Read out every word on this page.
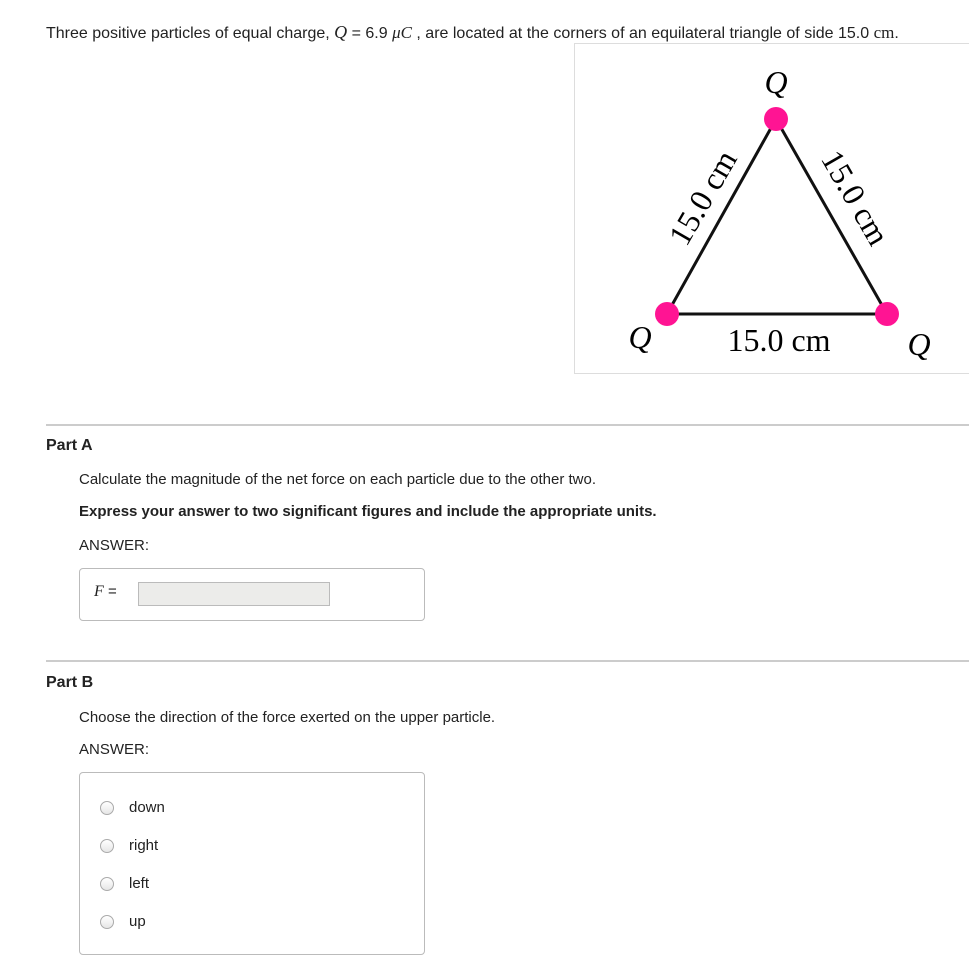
Three positive particles of equal charge, Q = 6.9 μC , are located at the corners of an equilateral triangle of side 15.0 cm.
Q
Q	Q
15.0 cm
15.0 cm 15.0 cm
Part A
Calculate the magnitude of the net force on each particle due to the other two.
Express your answer to two significant figures and include the appropriate units.
ANSWER:
F =
Part B
Choose the direction of the force exerted on the upper particle.
ANSWER:
down
right
left
up
